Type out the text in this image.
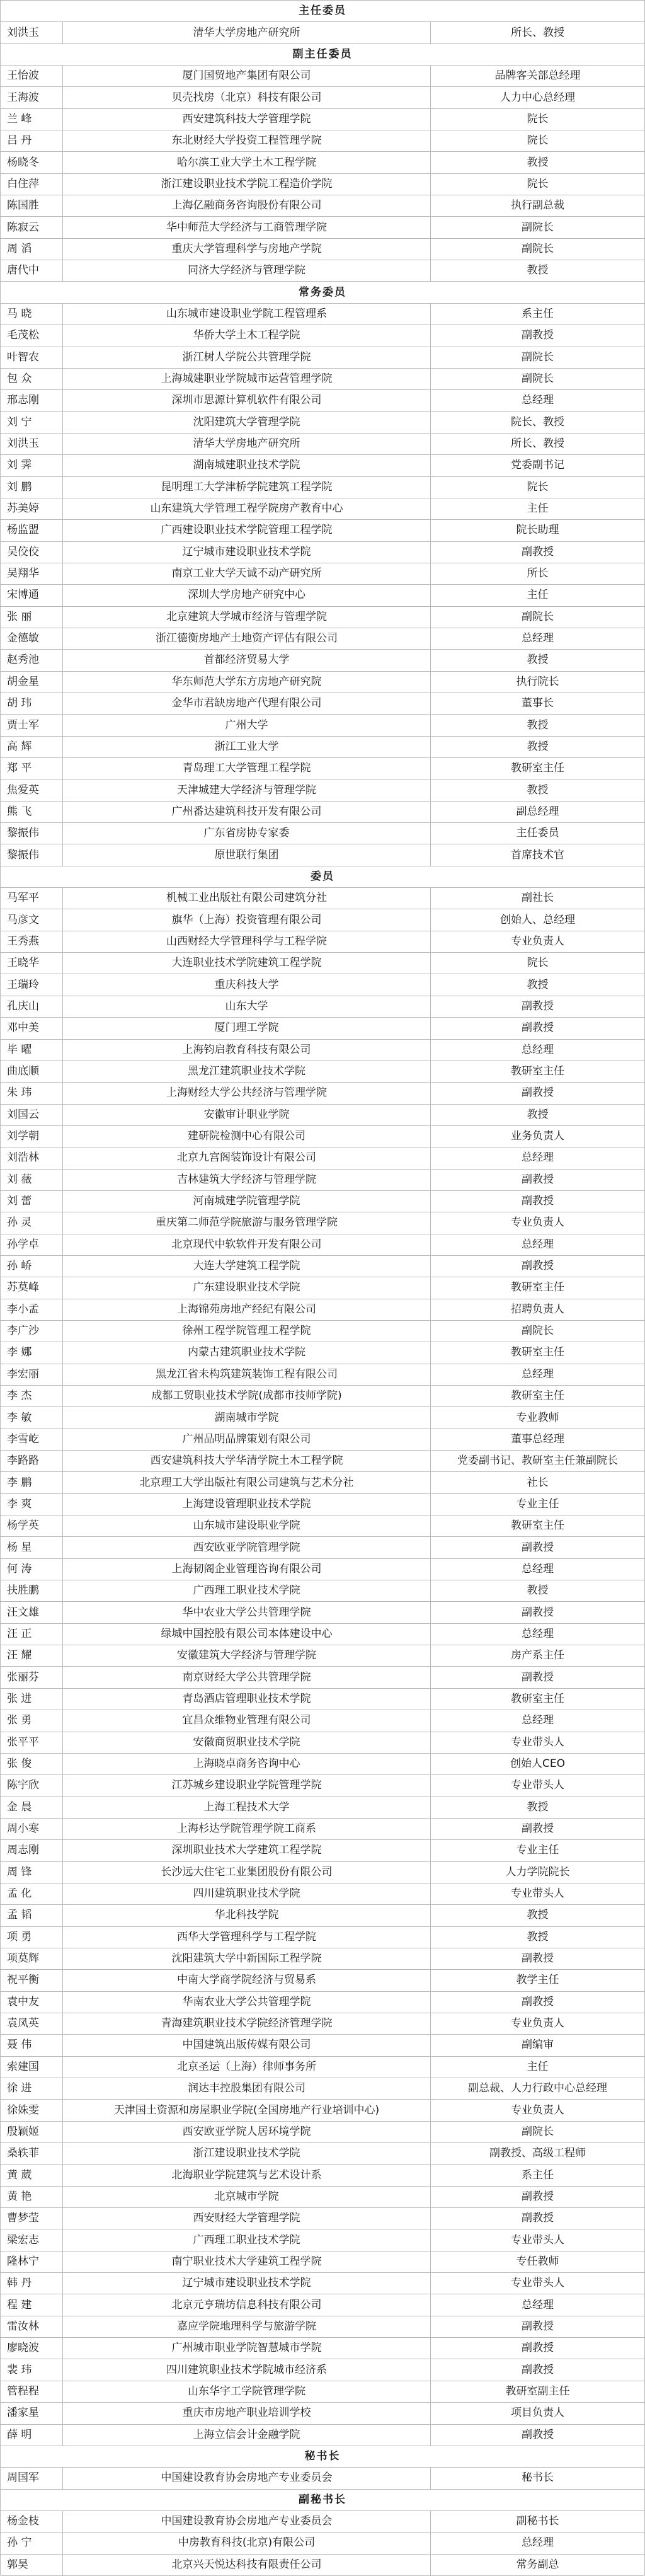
主任委员
刘洪玉	清华大学房地产研究所	所长、教授
副主任委员
王怡波	厦门国贸地产集团有限公司	品牌客关部总经理
王海波	贝壳找房（北京）科技有限公司	人力中心总经理
兰 峰	西安建筑科技大学管理学院	院长
吕 丹	东北财经大学投资工程管理学院	院长
杨晓冬	哈尔滨工业大学土木工程学院	教授
白住萍	浙江建设职业技术学院工程造价学院	院长
陈国胜	上海亿融商务咨询股份有限公司	执行副总裁
陈寂云	华中师范大学经济与工商管理学院	副院长
周 滔	重庆大学管理科学与房地产学院	副院长
唐代中	同济大学经济与管理学院	教授
常务委员
马 晓	山东城市建设职业学院工程管理系	系主任
毛茂松	华侨大学土木工程学院	副教授
叶智农	浙江树人学院公共管理学院	副院长
包 众	上海城建职业学院城市运营管理学院	副院长
邢志刚	深圳市思源计算机软件有限公司	总经理
刘 宁	沈阳建筑大学管理学院	院长、教授
刘洪玉	清华大学房地产研究所	所长、教授
刘 霁	湖南城建职业技术学院	党委副书记
刘 鹏	昆明理工大学津桥学院建筑工程学院	院长
苏美婷	山东建筑大学管理工程学院房产教育中心	主任
杨监盟	广西建设职业技术学院管理工程学院	院长助理
吴佼佼	辽宁城市建设职业技术学院	副教授
吴翔华	南京工业大学天诚不动产研究所	所长
宋博通	深圳大学房地产研究中心	主任
张 丽	北京建筑大学城市经济与管理学院	副院长
金德敏	浙江德衡房地产土地资产评估有限公司	总经理
赵秀池	首都经济贸易大学	教授
胡金星	华东师范大学东方房地产研究院	执行院长
胡 玮	金华市君缺房地产代理有限公司	董事长
贾士军	广州大学	教授
高 辉	浙江工业大学	教授
郑 平	青岛理工大学管理工程学院	教研室主任
焦爱英	天津城建大学经济与管理学院	教授
熊 飞	广州番达建筑科技开发有限公司	副总经理
黎振伟	广东省房协专家委	主任委员
黎振伟	原世联行集团	首席技术官
委员
马军平	机械工业出版社有限公司建筑分社	副社长
马彦文	旗华（上海）投资管理有限公司	创始人、总经理
王秀燕	山西财经大学管理科学与工程学院	专业负责人
王晓华	大连职业技术学院建筑工程学院	院长
王瑞玲	重庆科技大学	教授
孔庆山	山东大学	副教授
邓中美	厦门理工学院	副教授
毕 曜	上海钧启教育科技有限公司	总经理
曲底顺	黑龙江建筑职业技术学院	教研室主任
朱 玮	上海财经大学公共经济与管理学院	副教授
刘国云	安徽审计职业学院	教授
刘学朝	建研院检测中心有限公司	业务负责人
刘浩林	北京九宫阁装饰设计有限公司	总经理
刘 薇	吉林建筑大学经济与管理学院	副教授
刘 蕾	河南城建学院管理学院	副教授
孙 灵	重庆第二师范学院旅游与服务管理学院	专业负责人
孙学卓	北京现代中软软件开发有限公司	总经理
孙 峤	大连大学建筑工程学院	副教授
苏莫峰	广东建设职业技术学院	教研室主任
李小孟	上海锦苑房地产经纪有限公司	招聘负责人
李广沙	徐州工程学院管理工程学院	副院长
李 娜	内蒙古建筑职业技术学院	教研室主任
李宏丽	黑龙江省未构筑建筑装饰工程有限公司	总经理
李 杰	成都工贸职业技术学院(成都市技师学院)	教研室主任
李 敏	湖南城市学院	专业教师
李雪屹	广州品明品牌策划有限公司	董事总经理
李路路	西安建筑科技大学华清学院土木工程学院	党委副书记、教研室主任兼副院长
李 鹏	北京理工大学出版社有限公司建筑与艺术分社	社长
李 爽	上海建设管理职业技术学院	专业主任
杨学英	山东城市建设职业学院	教研室主任
杨 星	西安欧亚学院管理学院	副教授
何 涛	上海韧阁企业管理咨询有限公司	总经理
扶胜鹏	广西理工职业技术学院	教授
汪文雄	华中农业大学公共管理学院	副教授
汪 正	绿城中国控股有限公司本体建设中心	总经理
汪 耀	安徽建筑大学经济与管理学院	房产系主任
张丽芬	南京财经大学公共管理学院	副教授
张 进	青岛酒店管理职业技术学院	教研室主任
张 勇	宜昌众维物业管理有限公司	总经理
张平平	安徽商贸职业技术学院	专业带头人
张 俊	上海晓卓商务咨询中心	创始人CEO
陈宇欣	江苏城乡建设职业学院管理学院	专业带头人
金 晨	上海工程技术大学	教授
周小寒	上海杉达学院管理学院工商系	副教授
周志刚	深圳职业技术大学建筑工程学院	专业主任
周 锋	长沙远大住宅工业集团股份有限公司	人力学院院长
孟 化	四川建筑职业技术学院	专业带头人
孟 韬	华北科技学院	教授
项 勇	西华大学管理科学与工程学院	教授
项莫辉	沈阳建筑大学中新国际工程学院	副教授
祝平衡	中南大学商学院经济与贸易系	教学主任
袁中友	华南农业大学公共管理学院	副教授
袁凤英	青海建筑职业技术学院经济管理学院	专业负责人
聂 伟	中国建筑出版传媒有限公司	副编审
索建国	北京圣运（上海）律师事务所	主任
徐 进	润达丰控股集团有限公司	副总裁、人力行政中心总经理
徐姝雯	天津国土资源和房屋职业学院(全国房地产行业培训中心)	专业负责人
殷颖姬	西安欧亚学院人居环境学院	副院长
桑轶菲	浙江建设职业技术学院	副教授、高级工程师
黄 葳	北海职业学院建筑与艺术设计系	系主任
黄 艳	北京城市学院	副教授
曹梦莹	西安财经大学管理学院	副教授
梁宏志	广西理工职业技术学院	专业带头人
隆林宁	南宁职业技术大学建筑工程学院	专任教师
韩 丹	辽宁城市建设职业技术学院	专业带头人
程 建	北京元亨瑞坊信息科技有限公司	总经理
雷汝林	嘉应学院地理科学与旅游学院	副教授
廖晓波	广州城市职业学院智慧城市学院	副教授
裴 玮	四川建筑职业技术学院城市经济系	副教授
管程程	山东华宇工学院管理学院	教研室副主任
潘家星	重庆市房地产职业培训学校	项目负责人
薛 明	上海立信会计金融学院	副教授
秘书长
周国军	中国建设教育协会房地产专业委员会	秘书长
副秘书长
杨金枝	中国建设教育协会房地产专业委员会	副秘书长
孙 宁	中房教育科技(北京)有限公司	总经理
郭昊	北京兴天悦达科技有限责任公司	常务副总
